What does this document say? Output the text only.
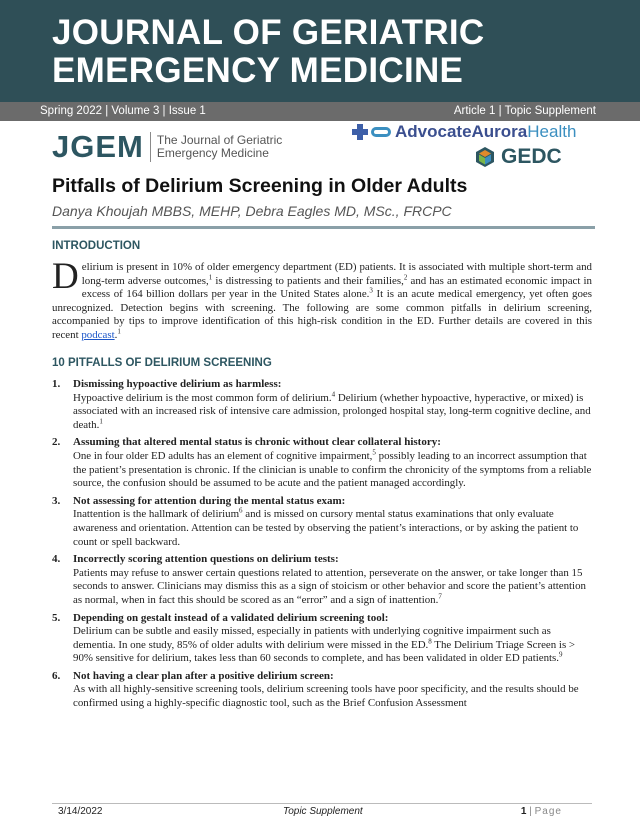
JOURNAL OF GERIATRIC
EMERGENCY MEDICINE
Spring 2022 | Volume 3 | Issue 1	Article 1 | Topic Supplement
JGEM The Journal of Geriatric
Emergency Medicine
AdvocateAuroraHealth
GEDC
Pitfalls of Delirium Screening in Older Adults
Danya Khoujah MBBS, MEHP, Debra Eagles MD, MSc., FRCPC
INTRODUCTION
Delirium is present in 10% of older emergency department (ED) patients. It is associated with multiple short-term and long-term adverse outcomes,$^1$ is distressing to patients and their families,$^2$ and has an estimated economic impact in excess of 164 billion dollars per year in the United States alone.$^3$ It is an acute medical emergency, yet often goes unrecognized. Detection begins with screening. The following are some common pitfalls in delirium screening, accompanied by tips to improve identification of this high-risk condition in the ED. Further details are covered in this recent podcast.$^1$
10 PITFALLS OF DELIRIUM SCREENING
1. Dismissing hypoactive delirium as harmless:
Hypoactive delirium is the most common form of delirium.$^4$ Delirium (whether hypoactive, hyperactive, or mixed) is associated with an increased risk of intensive care admission, prolonged hospital stay, long-term cognitive decline, and death.$^1$
2. Assuming that altered mental status is chronic without clear collateral history:
One in four older ED adults has an element of cognitive impairment,$^5$ possibly leading to an incorrect assumption that the patient’s presentation is chronic. If the clinician is unable to confirm the chronicity of the symptoms from a reliable source, the confusion should be assumed to be acute and the patient managed accordingly.
3. Not assessing for attention during the mental status exam:
Inattention is the hallmark of delirium$^6$ and is missed on cursory mental status examinations that only evaluate awareness and orientation. Attention can be tested by observing the patient’s interactions, or by asking the patient to count or spell backward.
4. Incorrectly scoring attention questions on delirium tests:
Patients may refuse to answer certain questions related to attention, perseverate on the answer, or take longer than 15 seconds to answer. Clinicians may dismiss this as a sign of stoicism or other behavior and score the patient’s attention as normal, when in fact this should be scored as an “error” and a sign of inattention.$^7$
5. Depending on gestalt instead of a validated delirium screening tool:
Delirium can be subtle and easily missed, especially in patients with underlying cognitive impairment such as dementia. In one study, 85% of older adults with delirium were missed in the ED.$^8$ The Delirium Triage Screen is > 90% sensitive for delirium, takes less than 60 seconds to complete, and has been validated in older ED patients.$^9$
6. Not having a clear plan after a positive delirium screen:
As with all highly-sensitive screening tools, delirium screening tools have poor specificity, and the results should be confirmed using a highly-specific diagnostic tool, such as the Brief Confusion Assessment
3/14/2022	Topic Supplement	1 | Page
